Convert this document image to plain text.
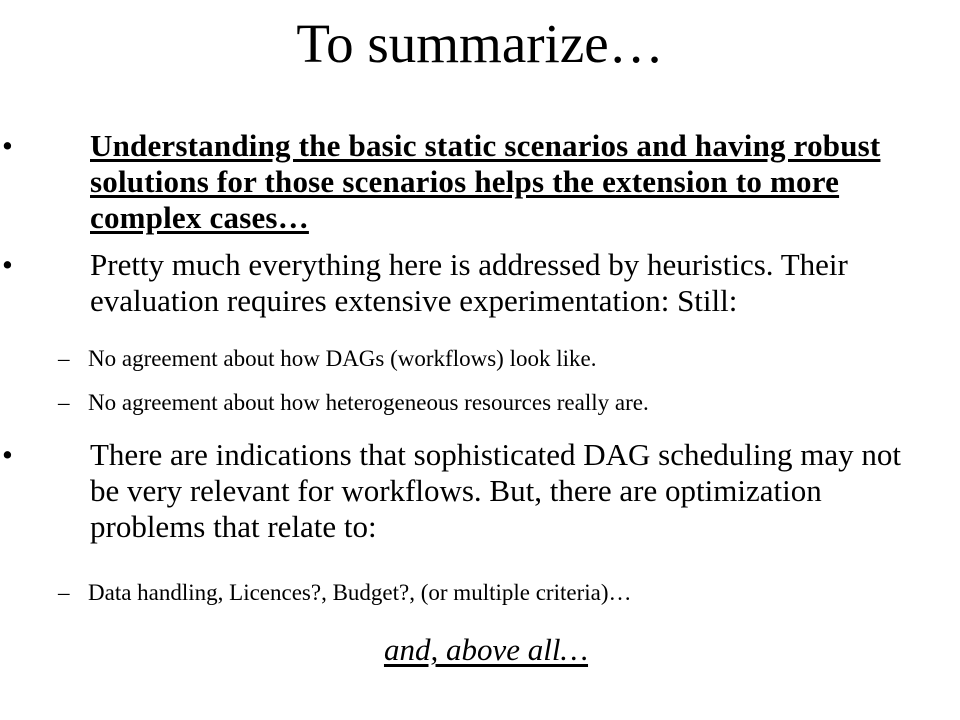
To summarize…
• Understanding the basic static scenarios and having robust solutions for those scenarios helps the extension to more complex cases…
• Pretty much everything here is addressed by heuristics. Their evaluation requires extensive experimentation: Still:
– No agreement about how DAGs (workflows) look like.
– No agreement about how heterogeneous resources really are.
• There are indications that sophisticated DAG scheduling may not be very relevant for workflows. But, there are optimization problems that relate to:
– Data handling, Licences?, Budget?, (or multiple criteria)…
and, above all…
